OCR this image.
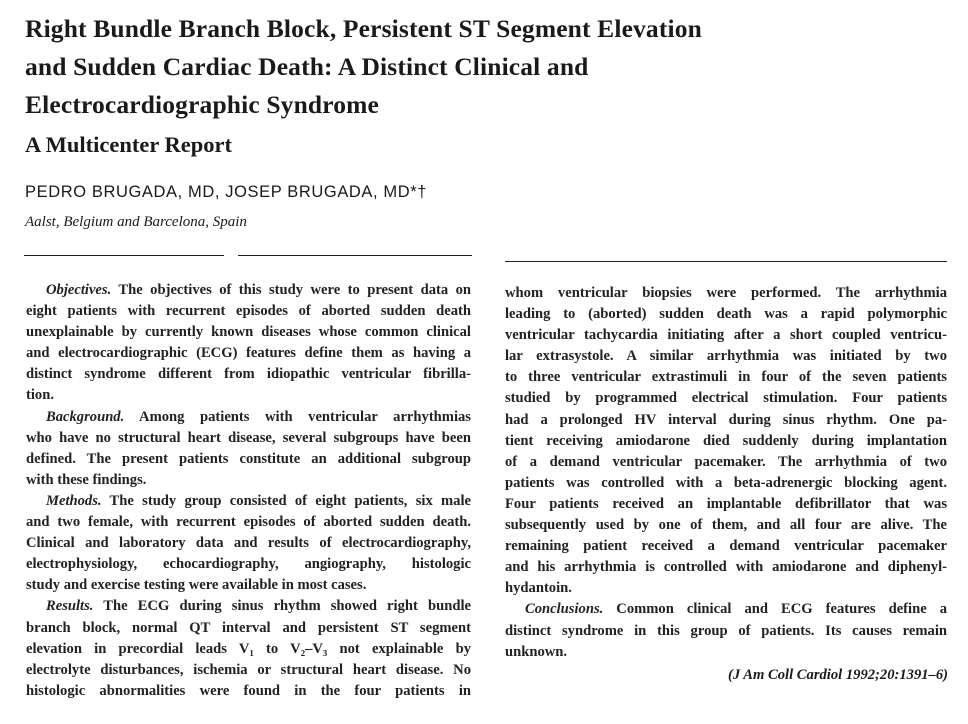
Right Bundle Branch Block, Persistent ST Segment Elevation
and Sudden Cardiac Death: A Distinct Clinical and
Electrocardiographic Syndrome
A Multicenter Report
PEDRO BRUGADA, MD, JOSEP BRUGADA, MD*†
Aalst, Belgium and Barcelona, Spain
Objectives. The objectives of this study were to present data on
eight patients with recurrent episodes of aborted sudden death
unexplainable by currently known diseases whose common clinical
and electrocardiographic (ECG) features define them as having a
distinct syndrome different from idiopathic ventricular fibrilla-
tion.
Background. Among patients with ventricular arrhythmias
who have no structural heart disease, several subgroups have been
defined. The present patients constitute an additional subgroup
with these findings.
Methods. The study group consisted of eight patients, six male
and two female, with recurrent episodes of aborted sudden death.
Clinical and laboratory data and results of electrocardiography,
electrophysiology, echocardiography, angiography, histologic
study and exercise testing were available in most cases.
Results. The ECG during sinus rhythm showed right bundle
branch block, normal QT interval and persistent ST segment
elevation in precordial leads V₁ to V₂–V₃ not explainable by
electrolyte disturbances, ischemia or structural heart disease. No
histologic abnormalities were found in the four patients in
whom ventricular biopsies were performed. The arrhythmia
leading to (aborted) sudden death was a rapid polymorphic
ventricular tachycardia initiating after a short coupled ventricu-
lar extrasystole. A similar arrhythmia was initiated by two
to three ventricular extrastimuli in four of the seven patients
studied by programmed electrical stimulation. Four patients
had a prolonged HV interval during sinus rhythm. One pa-
tient receiving amiodarone died suddenly during implantation
of a demand ventricular pacemaker. The arrhythmia of two
patients was controlled with a beta-adrenergic blocking agent.
Four patients received an implantable defibrillator that was
subsequently used by one of them, and all four are alive. The
remaining patient received a demand ventricular pacemaker
and his arrhythmia is controlled with amiodarone and diphenyl-
hydantoin.
Conclusions. Common clinical and ECG features define a
distinct syndrome in this group of patients. Its causes remain
unknown.
(J Am Coll Cardiol 1992;20:1391–6)
